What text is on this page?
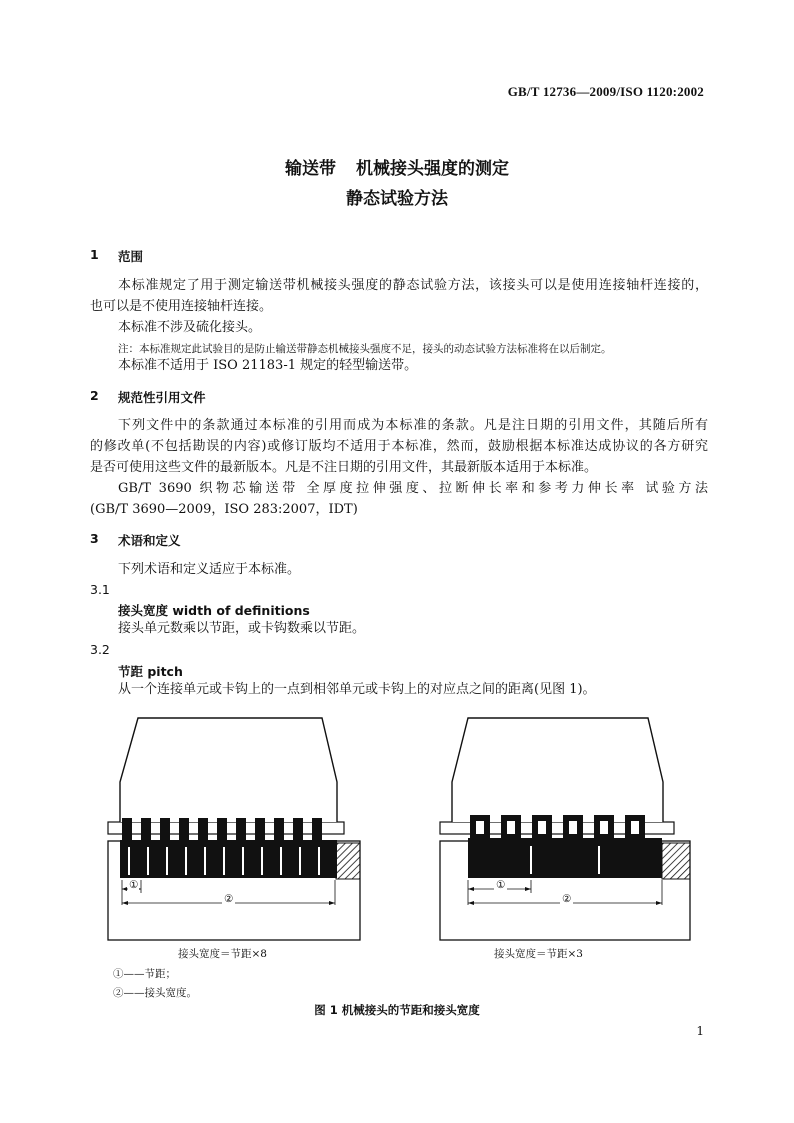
GB/T 12736—2009/ISO 1120:2002
输送带 机械接头强度的测定
静态试验方法
1 范围
本标准规定了用于测定输送带机械接头强度的静态试验方法，该接头可以是使用连接轴杆连接的，
也可以是不使用连接轴杆连接。
本标准不涉及硫化接头。
注：本标准规定此试验目的是防止输送带静态机械接头强度不足，接头的动态试验方法标准将在以后制定。
本标准不适用于 ISO 21183-1 规定的轻型输送带。
2 规范性引用文件
下列文件中的条款通过本标准的引用而成为本标准的条款。凡是注日期的引用文件，其随后所有
的修改单(不包括勘误的内容)或修订版均不适用于本标准，然而，鼓励根据本标准达成协议的各方研究
是否可使用这些文件的最新版本。凡是不注日期的引用文件，其最新版本适用于本标准。
GB/T 3690 织物芯输送带 全厚度拉伸强度、拉断伸长率和参考力伸长率 试验方法
(GB/T 3690—2009，ISO 283:2007，IDT)
3 术语和定义
下列术语和定义适应于本标准。
3.1
接头宽度 width of definitions
接头单元数乘以节距，或卡钩数乘以节距。
3.2
节距 pitch
从一个连接单元或卡钩上的一点到相邻单元或卡钩上的对应点之间的距离(见图 1)。
①
②
①
②
接头宽度＝节距×8	接头宽度＝节距×3
①——节距；
②——接头宽度。
图 1 机械接头的节距和接头宽度
1
